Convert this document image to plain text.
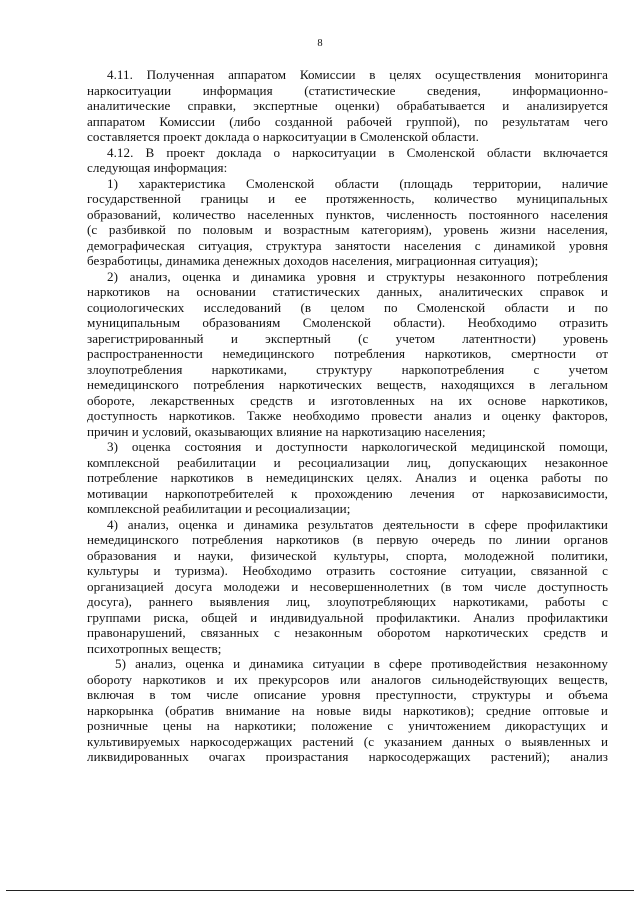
8
4.11. Полученная аппаратом Комиссии в целях осуществления мониторинга
наркоситуации информация (статистические сведения, информационно-
аналитические справки, экспертные оценки) обрабатывается и анализируется
аппаратом Комиссии (либо созданной рабочей группой), по результатам чего
составляется проект доклада о наркоситуации в Смоленской области.
4.12. В проект доклада о наркоситуации в Смоленской области включается
следующая информация:
1) характеристика Смоленской области (площадь территории, наличие
государственной границы и ее протяженность, количество муниципальных
образований, количество населенных пунктов, численность постоянного населения
(с разбивкой по половым и возрастным категориям), уровень жизни населения,
демографическая ситуация, структура занятости населения с динамикой уровня
безработицы, динамика денежных доходов населения, миграционная ситуация);
2) анализ, оценка и динамика уровня и структуры незаконного потребления
наркотиков на основании статистических данных, аналитических справок и
социологических исследований (в целом по Смоленской области и по
муниципальным образованиям Смоленской области). Необходимо отразить
зарегистрированный и экспертный (с учетом латентности) уровень
распространенности немедицинского потребления наркотиков, смертности от
злоупотребления наркотиками, структуру наркопотребления с учетом
немедицинского потребления наркотических веществ, находящихся в легальном
обороте, лекарственных средств и изготовленных на их основе наркотиков,
доступность наркотиков. Также необходимо провести анализ и оценку факторов,
причин и условий, оказывающих влияние на наркотизацию населения;
3) оценка состояния и доступности наркологической медицинской помощи,
комплексной реабилитации и ресоциализации лиц, допускающих незаконное
потребление наркотиков в немедицинских целях. Анализ и оценка работы по
мотивации наркопотребителей к прохождению лечения от наркозависимости,
комплексной реабилитации и ресоциализации;
4) анализ, оценка и динамика результатов деятельности в сфере профилактики
немедицинского потребления наркотиков (в первую очередь по линии органов
образования и науки, физической культуры, спорта, молодежной политики,
культуры и туризма). Необходимо отразить состояние ситуации, связанной с
организацией досуга молодежи и несовершеннолетних (в том числе доступность
досуга), раннего выявления лиц, злоупотребляющих наркотиками, работы с
группами риска, общей и индивидуальной профилактики. Анализ профилактики
правонарушений, связанных с незаконным оборотом наркотических средств и
психотропных веществ;
5) анализ, оценка и динамика ситуации в сфере противодействия незаконному
обороту наркотиков и их прекурсоров или аналогов сильнодействующих веществ,
включая в том числе описание уровня преступности, структуры и объема
наркорынка (обратив внимание на новые виды наркотиков); средние оптовые и
розничные цены на наркотики; положение с уничтожением дикорастущих и
культивируемых наркосодержащих растений (с указанием данных о выявленных и
ликвидированных очагах произрастания наркосодержащих растений); анализ
